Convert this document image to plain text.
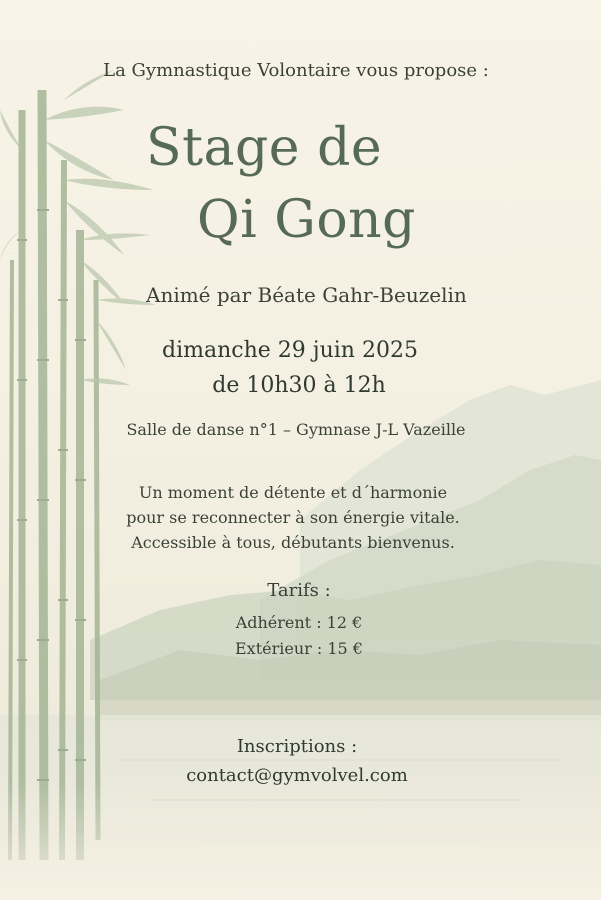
La Gymnastique Volontaire vous propose :
Stage de
Qi Gong
Animé par Béate Gahr-Beuzelin
dimanche 29 juin 2025
de 10h30 à 12h
Salle de danse n°1 – Gymnase J-L Vazeille
Un moment de détente et d´harmonie
pour se reconnecter à son énergie vitale.
Accessible à tous, débutants bienvenus.
Tarifs :
Adhérent : 12 €
Extérieur : 15 €
Inscriptions :
contact@gymvolvel.com
